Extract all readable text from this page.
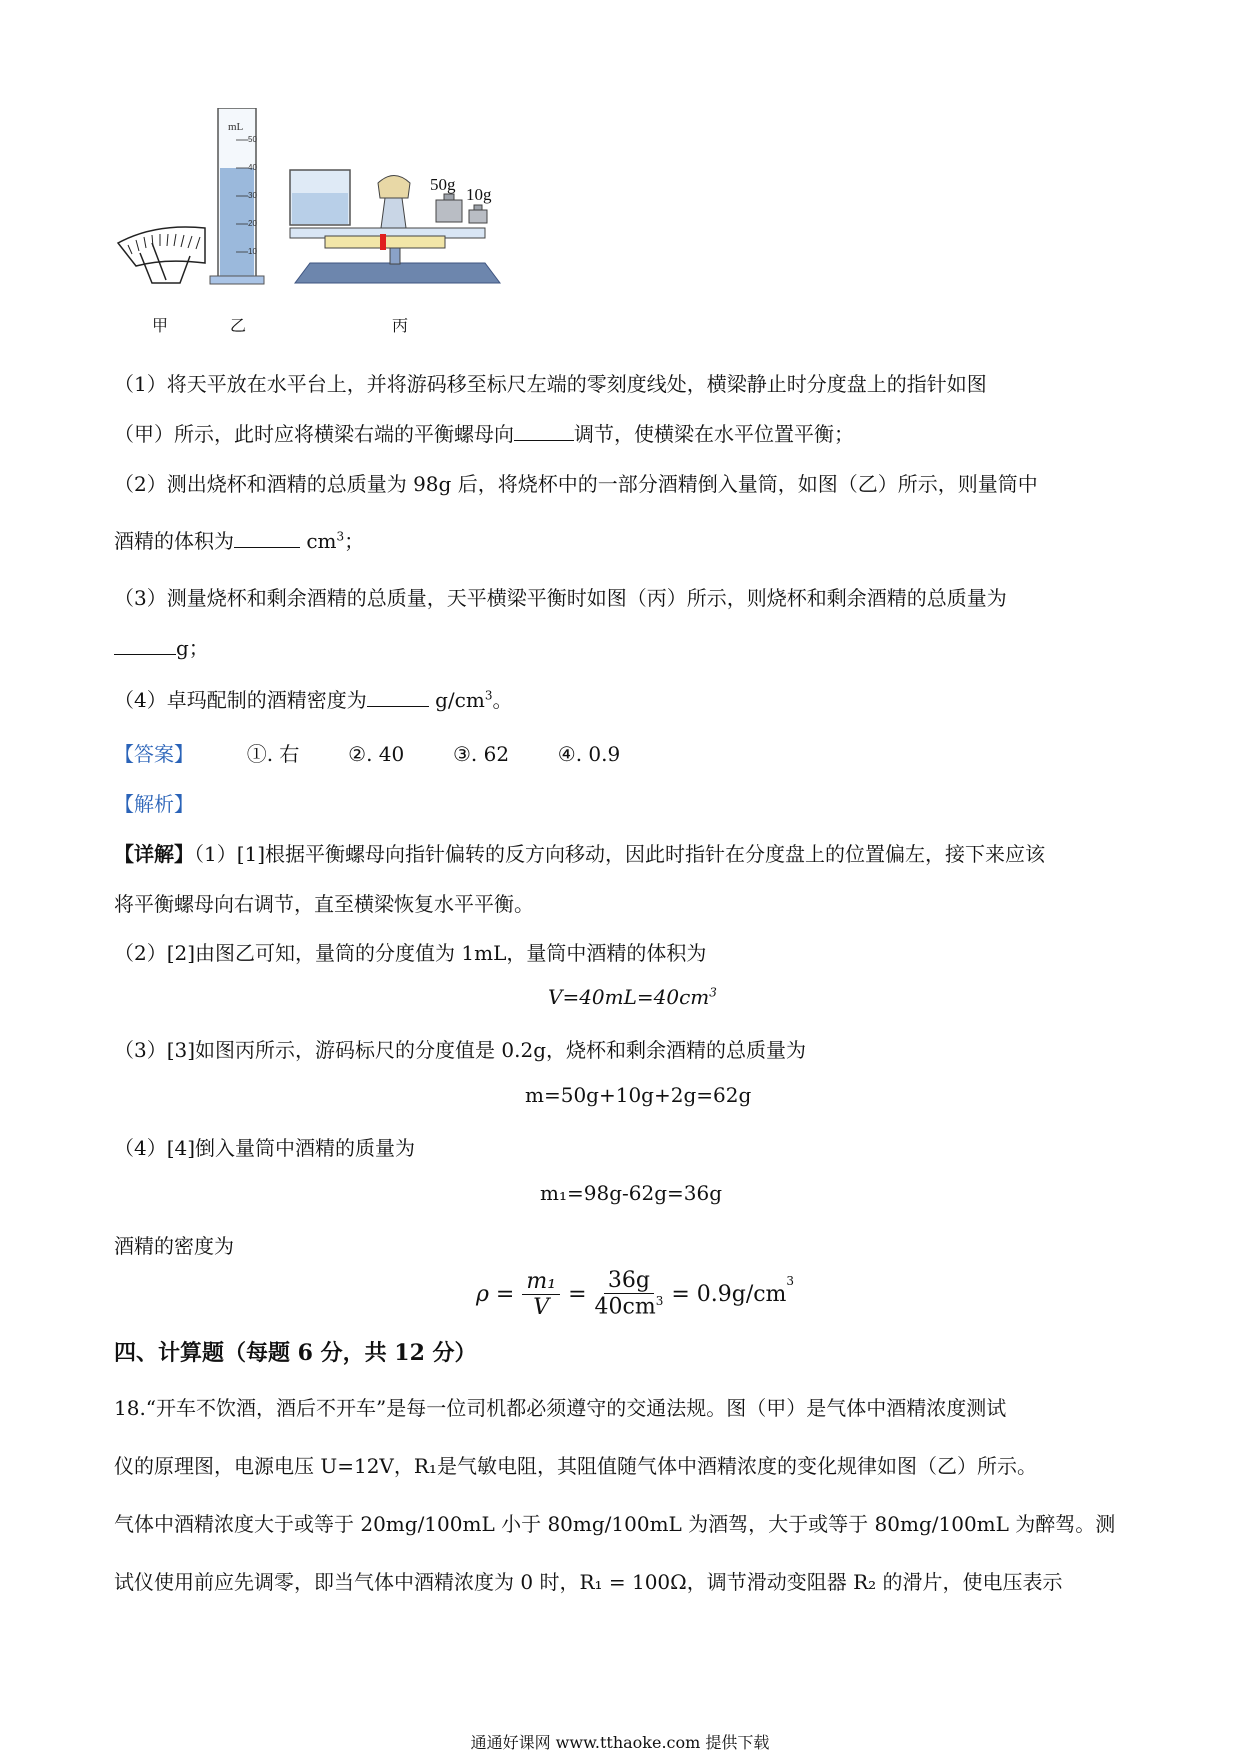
mL
50
40
30
20
10
50g
10g
甲	乙	丙
（1）将天平放在水平台上，并将游码移至标尺左端的零刻度线处，横梁静止时分度盘上的指针如图
（甲）所示，此时应将横梁右端的平衡螺母向	调节，使横梁在水平位置平衡；
（2）测出烧杯和酒精的总质量为 98g 后，将烧杯中的一部分酒精倒入量筒，如图（乙）所示，则量筒中
酒精的体积为	$cm^3$；
（3）测量烧杯和剩余酒精的总质量，天平横梁平衡时如图（丙）所示，则烧杯和剩余酒精的总质量为
g；
（4）卓玛配制的酒精密度为	$g/cm^3$。
【答案】	①. 右 ②. 40 ③. 62 ④. 0.9
【解析】
【详解】（1）[1]根据平衡螺母向指针偏转的反方向移动，因此时指针在分度盘上的位置偏左，接下来应该
将平衡螺母向右调节，直至横梁恢复水平平衡。
（2）[2]由图乙可知，量筒的分度值为 1mL，量筒中酒精的体积为
$V=40mL=40cm^3$
（3）[3]如图丙所示，游码标尺的分度值是 0.2g，烧杯和剩余酒精的总质量为
m=50g+10g+2g=62g
（4）[4]倒入量筒中酒精的质量为
m₁=98g-62g=36g
酒精的密度为
$\rho = \frac{\text{m₁}}{V} = \frac{36g}{40cm^3} = 0.9g/cm$
$^3$
四、计算题（每题 6 分，共 12 分）
18.“开车不饮酒，酒后不开车”是每一位司机都必须遵守的交通法规。图（甲）是气体中酒精浓度测试
仪的原理图，电源电压 U=12V，R₁是气敏电阻，其阻值随气体中酒精浓度的变化规律如图（乙）所示。
气体中酒精浓度大于或等于 20mg/100mL 小于 80mg/100mL 为酒驾，大于或等于 80mg/100mL 为醉驾。测
试仪使用前应先调零，即当气体中酒精浓度为 0 时，R₁ = 100Ω，调节滑动变阻器 R₂ 的滑片，使电压表示
通通好课网 www.tthaoke.com 提供下载
